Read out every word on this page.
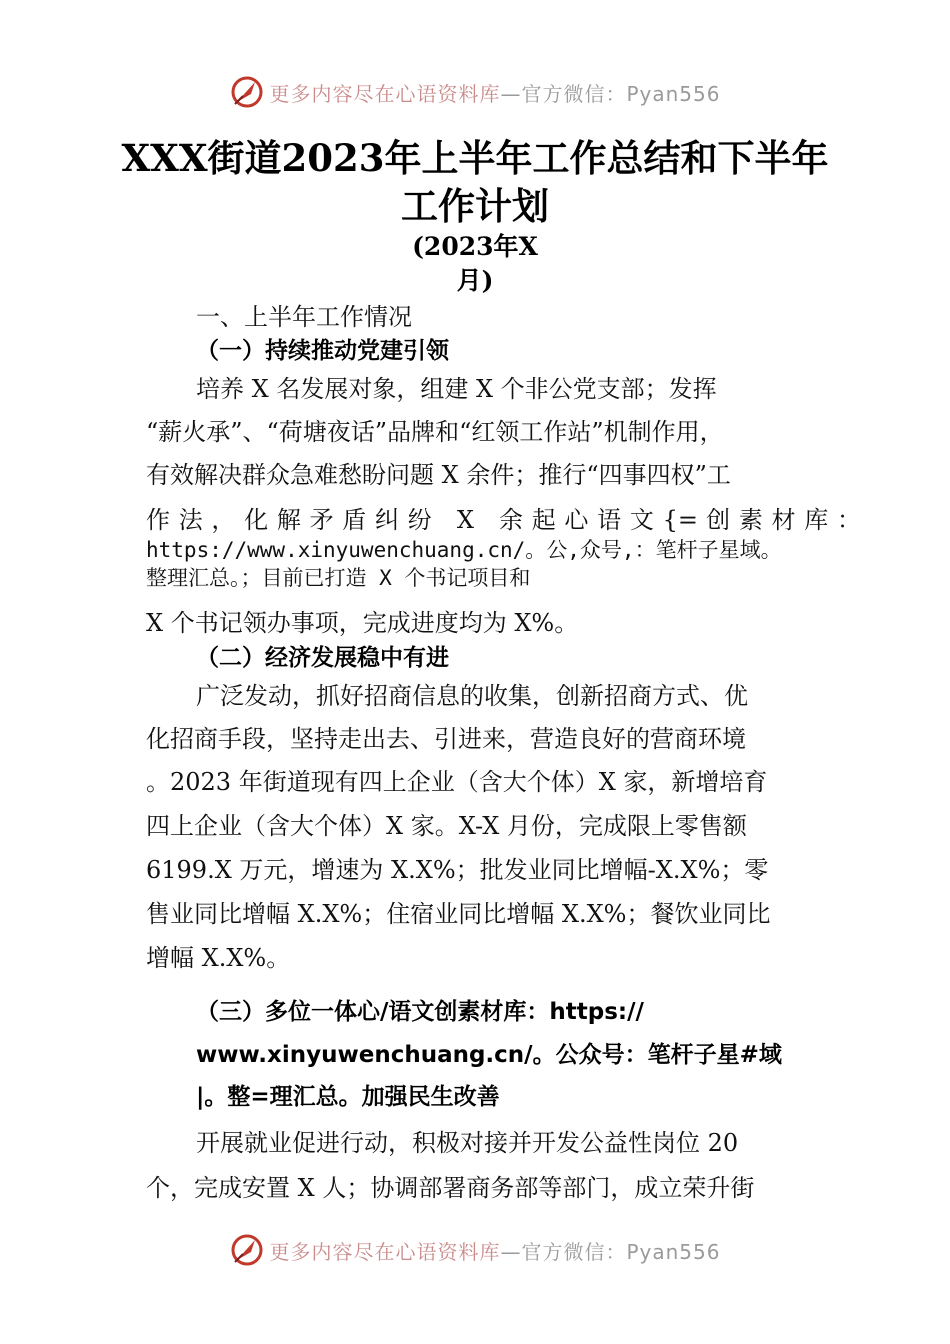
更多内容尽在心语资料库 —官方微信：Pyan556
XXX街道2023年上半年工作总结和下半年
工作计划
(2023年X
月)
一、上半年工作情况
（一）持续推动党建引领
培养 X 名发展对象，组建 X 个非公党支部；发挥
“薪火承”、“荷塘夜话”品牌和“红领工作站”机制作用，
有效解决群众急难愁盼问题 X 余件；推行“四事四权”工
作 法 ， 化 解 矛 盾 纠 纷　X　余 起 心 语 文 {= 创 素 材 库 ：
https://www.xinyuwenchuang.cn/。公,众号,：笔杆子星域。
整理汇总。；目前已打造 X 个书记项目和
X 个书记领办事项，完成进度均为 X%。
（二）经济发展稳中有进
广泛发动，抓好招商信息的收集，创新招商方式、优
化招商手段，坚持走出去、引进来，营造良好的营商环境
。2023 年街道现有四上企业（含大个体）X 家，新增培育
四上企业（含大个体）X 家。X-X 月份，完成限上零售额
6199.X 万元，增速为 X.X%；批发业同比增幅-X.X%；零
售业同比增幅 X.X%；住宿业同比增幅 X.X%；餐饮业同比
增幅 X.X%。
（三）多位一体心/语文创素材库：https://
www.xinyuwenchuang.cn/。公众号：笔杆子星#域
|。整=理汇总。加强民生改善
开展就业促进行动，积极对接并开发公益性岗位 20
个，完成安置 X 人；协调部署商务部等部门，成立荣升街
更多内容尽在心语资料库 —官方微信：Pyan556
